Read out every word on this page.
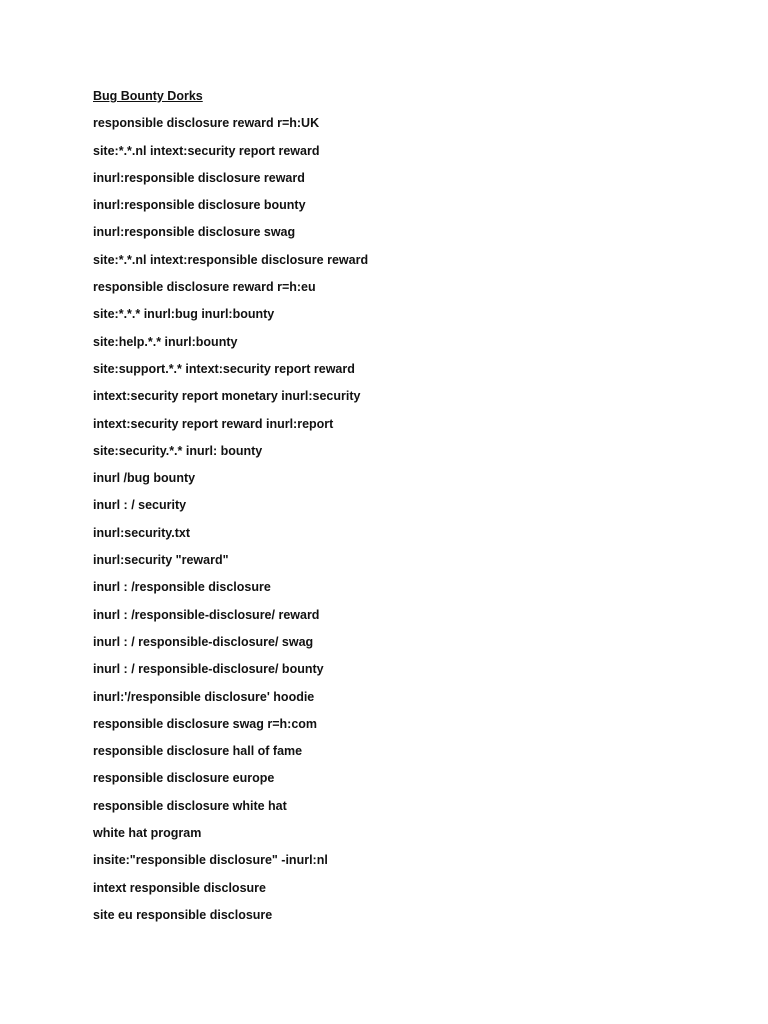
Bug Bounty Dorks
responsible disclosure reward r=h:UK
site:*.*.nl intext:security report reward
inurl:responsible disclosure reward
inurl:responsible disclosure bounty
inurl:responsible disclosure swag
site:*.*.nl intext:responsible disclosure reward
responsible disclosure reward r=h:eu
site:*.*.* inurl:bug inurl:bounty
site:help.*.* inurl:bounty
site:support.*.* intext:security report reward
intext:security report monetary inurl:security
intext:security report reward inurl:report
site:security.*.* inurl: bounty
inurl /bug bounty
inurl : / security
inurl:security.txt
inurl:security "reward"
inurl : /responsible disclosure
inurl : /responsible-disclosure/ reward
inurl : / responsible-disclosure/ swag
inurl : / responsible-disclosure/ bounty
inurl:'/responsible disclosure' hoodie
responsible disclosure swag r=h:com
responsible disclosure hall of fame
responsible disclosure europe
responsible disclosure white hat
white hat program
insite:"responsible disclosure" -inurl:nl
intext responsible disclosure
site eu responsible disclosure
